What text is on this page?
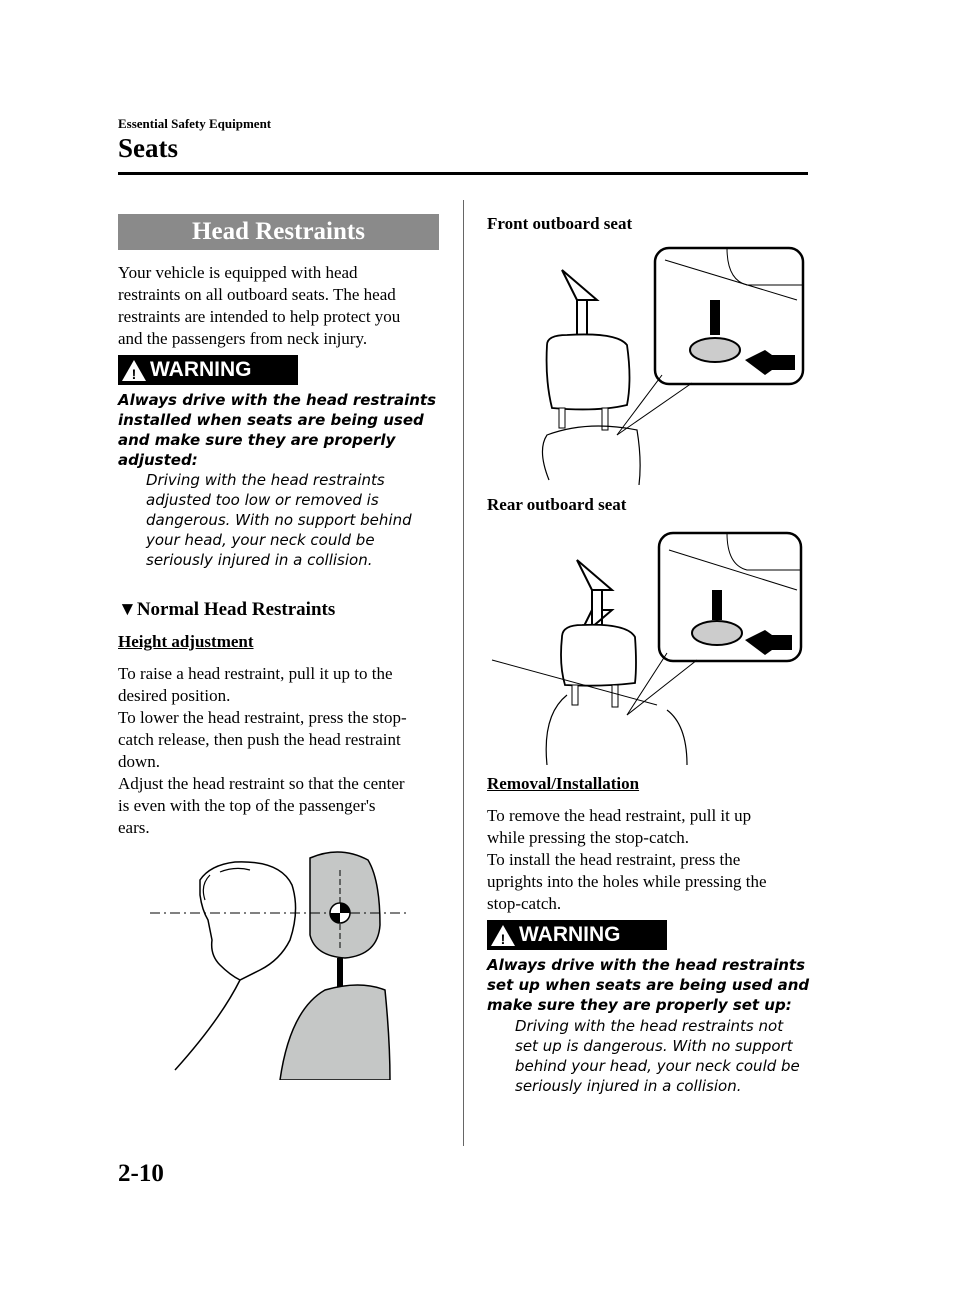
Essential Safety Equipment
Seats
Head Restraints
Your vehicle is equipped with head
restraints on all outboard seats. The head
restraints are intended to help protect you
and the passengers from neck injury.
! WARNING
Always drive with the head restraints
installed when seats are being used
and make sure they are properly
adjusted:
Driving with the head restraints
adjusted too low or removed is
dangerous. With no support behind
your head, your neck could be
seriously injured in a collision.
▼Normal Head Restraints
Height adjustment
To raise a head restraint, pull it up to the
desired position.
To lower the head restraint, press the stop-
catch release, then push the head restraint
down.
Adjust the head restraint so that the center
is even with the top of the passenger's
ears.
Front outboard seat
Rear outboard seat
Removal/Installation
To remove the head restraint, pull it up
while pressing the stop-catch.
To install the head restraint, press the
uprights into the holes while pressing the
stop-catch.
! WARNING
Always drive with the head restraints
set up when seats are being used and
make sure they are properly set up:
Driving with the head restraints not
set up is dangerous. With no support
behind your head, your neck could be
seriously injured in a collision.
2-10
